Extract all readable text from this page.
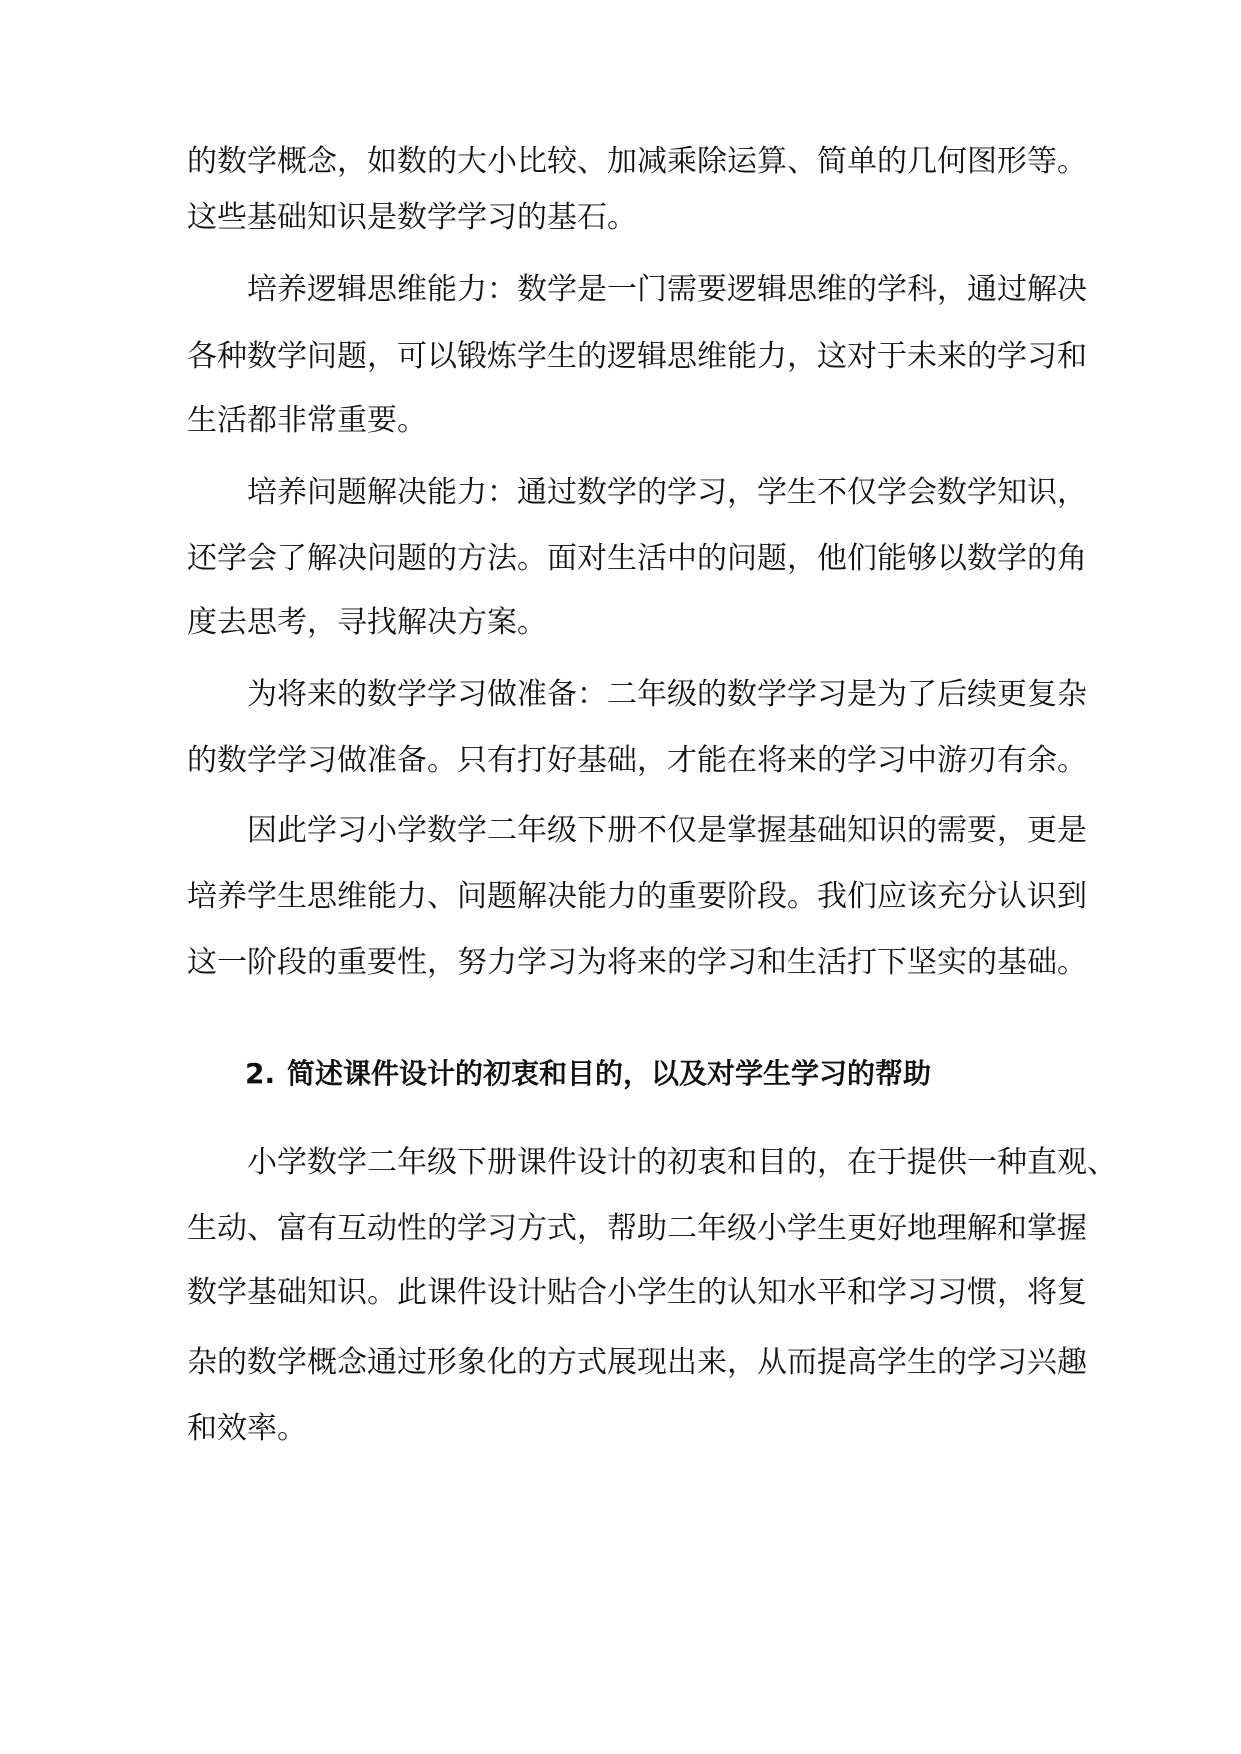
的数学概念，如数的大小比较、加减乘除运算、简单的几何图形等。
这些基础知识是数学学习的基石。
培养逻辑思维能力：数学是一门需要逻辑思维的学科，通过解决
各种数学问题，可以锻炼学生的逻辑思维能力，这对于未来的学习和
生活都非常重要。
培养问题解决能力：通过数学的学习，学生不仅学会数学知识，
还学会了解决问题的方法。面对生活中的问题，他们能够以数学的角
度去思考，寻找解决方案。
为将来的数学学习做准备：二年级的数学学习是为了后续更复杂
的数学学习做准备。只有打好基础，才能在将来的学习中游刃有余。
因此学习小学数学二年级下册不仅是掌握基础知识的需要，更是
培养学生思维能力、问题解决能力的重要阶段。我们应该充分认识到
这一阶段的重要性，努力学习为将来的学习和生活打下坚实的基础。
2. 简述课件设计的初衷和目的，以及对学生学习的帮助
小学数学二年级下册课件设计的初衷和目的，在于提供一种直观、
生动、富有互动性的学习方式，帮助二年级小学生更好地理解和掌握
数学基础知识。此课件设计贴合小学生的认知水平和学习习惯，将复
杂的数学概念通过形象化的方式展现出来，从而提高学生的学习兴趣
和效率。
